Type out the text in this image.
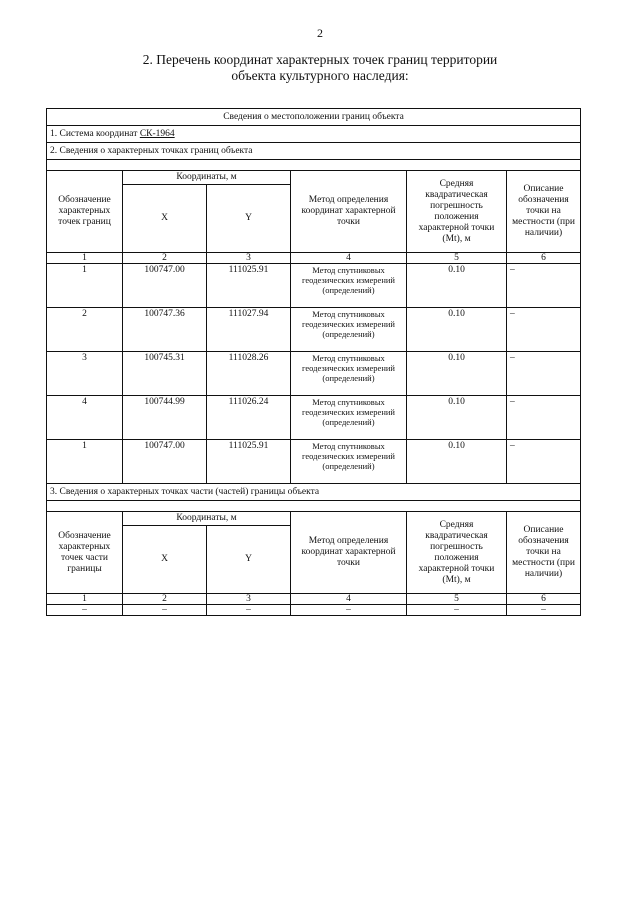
2
2. Перечень координат характерных точек границ территории
объекта культурного наследия:
Сведения о местоположении границ объекта					
1. Система координат СК-1964					
2. Сведения о характерных точках границ объекта					

Обозначение характерных точек границ	Координаты, м		Метод определения координат характерной точки	Средняя квадратическая погрешность положения характерной точки (Mt), м	Описание обозначения точки на местности (при наличии)
	X	Y			
1	2	3	4	5	6
1	100747.00	111025.91	Метод спутниковых геодезических измерений (определений)	0.10	–
2	100747.36	111027.94	Метод спутниковых геодезических измерений (определений)	0.10	–
3	100745.31	111028.26	Метод спутниковых геодезических измерений (определений)	0.10	–
4	100744.99	111026.24	Метод спутниковых геодезических измерений (определений)	0.10	–
1	100747.00	111025.91	Метод спутниковых геодезических измерений (определений)	0.10	–
3. Сведения о характерных точках части (частей) границы объекта					

Обозначение характерных точек части границы	Координаты, м		Метод определения координат характерной точки	Средняя квадратическая погрешность положения характерной точки (Mt), м	Описание обозначения точки на местности (при наличии)
	X	Y			
1	2	3	4	5	6
–	–	–	–	–	–
